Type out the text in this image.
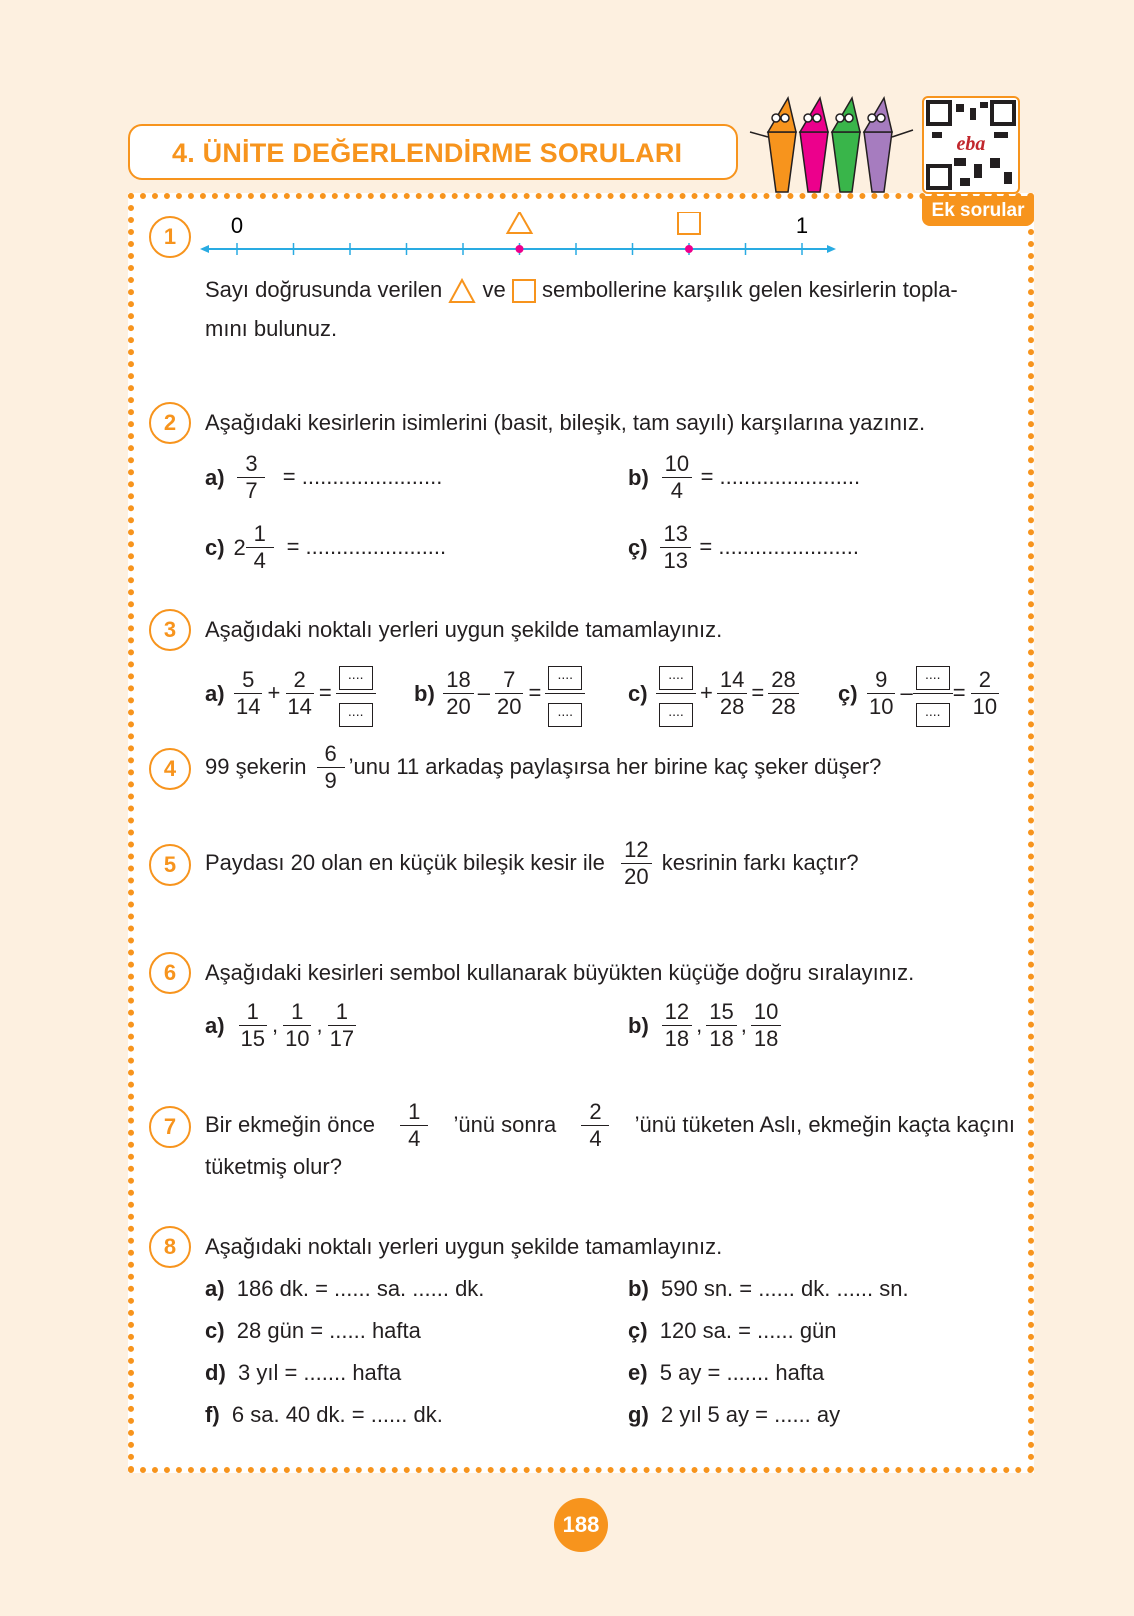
4. ÜNİTE DEĞERLENDİRME SORULARI	eba
Ek sorular
1	0	1
Sayı doğrusunda verilen ve sembollerine karşılık gelen kesirlerin topla-
mını bulunuz.
2	Aşağıdaki kesirlerin isimlerini (basit, bileşik, tam sayılı) karşılarına yazınız.
a)
$\frac{3}{7}$
= .......................	b)
$\frac{10}{4}$
= .......................
c)
$2 \frac{1}{4}$
= .......................	ç)
$\frac{13}{13}$
= .......................
3	Aşağıdaki noktalı yerleri uygun şekilde tamamlayınız.
a)
$\frac{5}{14} + \frac{2}{14} = \frac{....}{....} b$)
$\frac{18}{20} - \frac{7}{20} = \frac{....}{....} c$)
$\frac{....}{....} + \frac{14}{28} = \frac{28}{28}$ ç)
$\frac{9}{10} - \frac{....}{....} = \frac{2}{10}$
4	99 şekerin
$\frac{6}{9}$ ’unu 11 arkadaş paylaşırsa her birine kaç şeker düşer?
5	Paydası 20 olan en küçük bileşik kesir ile
$\frac{12}{20}$
kesrinin farkı kaçtır?
6	Aşağıdaki kesirleri sembol kullanarak büyükten küçüğe doğru sıralayınız.
a)
$\frac{1}{15}$ , $\frac{1}{10}$ , $\frac{1}{17}$	b)
$\frac{12}{18}$ , $\frac{15}{18}$ , $\frac{10}{18}$
7	Bir ekmeğin önce $\frac{1}{4}$ ’ünü sonra $\frac{2}{4}$ ’ünü tüketen Aslı, ekmeğin kaçta kaçını
tüketmiş olur?
8	Aşağıdaki noktalı yerleri uygun şekilde tamamlayınız.
a) 186 dk. = ...... sa. ...... dk.	b) 590 sn. = ...... dk. ...... sn.
c) 28 gün = ...... hafta	ç) 120 sa. = ...... gün
d) 3 yıl = ....... hafta	e) 5 ay = ....... hafta
f) 6 sa. 40 dk. = ...... dk.	g) 2 yıl 5 ay = ...... ay
188
